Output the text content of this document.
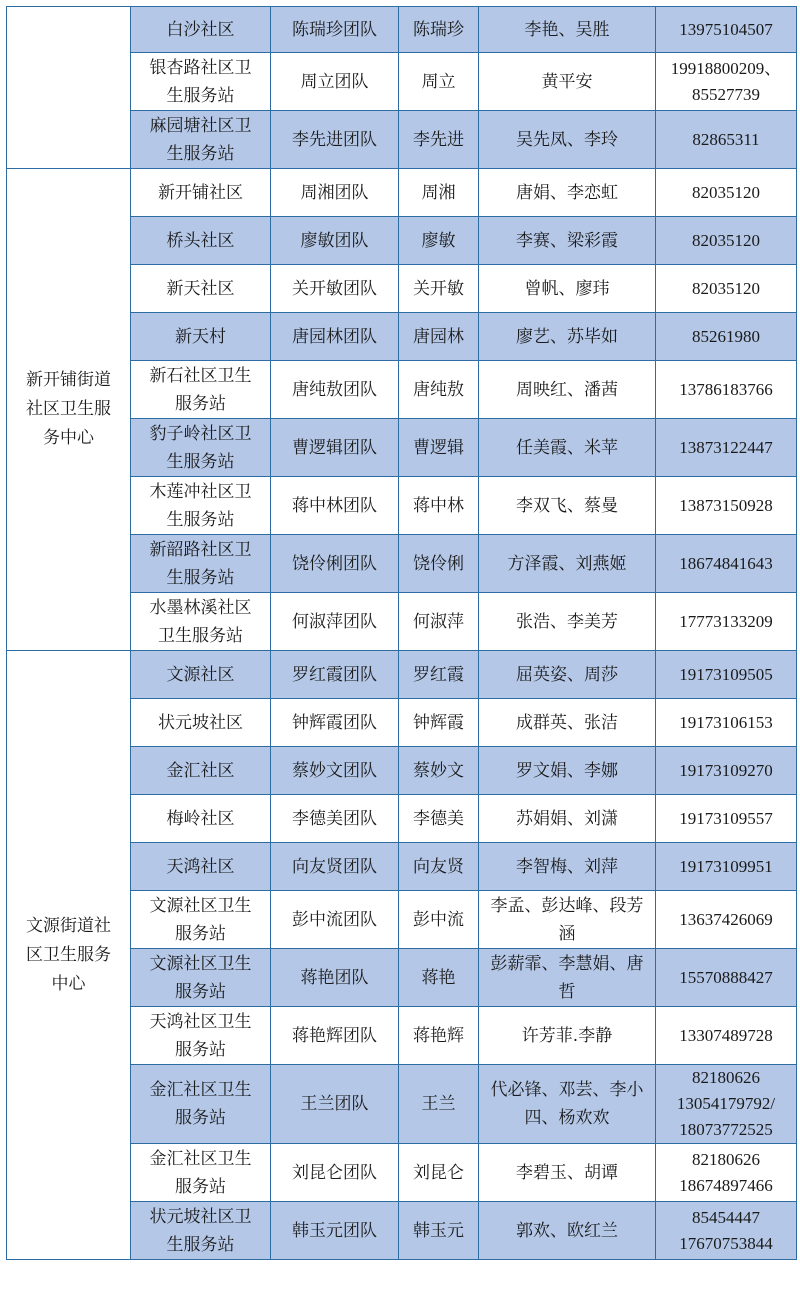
	白沙社区	陈瑞珍团队	陈瑞珍	李艳、吴胜	13975104507
	银杏路社区卫
生服务站	周立团队	周立	黄平安	19918800209、
85527739
	麻园塘社区卫
生服务站	李先进团队	李先进	吴先凤、李玲	82865311
新开铺街道
社区卫生服
务中心	新开铺社区	周湘团队	周湘	唐娟、李恋虹	82035120
	桥头社区	廖敏团队	廖敏	李赛、梁彩霞	82035120
	新天社区	关开敏团队	关开敏	曾帆、廖玮	82035120
	新天村	唐园林团队	唐园林	廖艺、苏毕如	85261980
	新石社区卫生
服务站	唐纯敖团队	唐纯敖	周映红、潘茜	13786183766
	豹子岭社区卫
生服务站	曹逻辑团队	曹逻辑	任美霞、米苹	13873122447
	木莲冲社区卫
生服务站	蒋中林团队	蒋中林	李双飞、蔡曼	13873150928
	新韶路社区卫
生服务站	饶伶俐团队	饶伶俐	方泽霞、刘燕姬	18674841643
	水墨林溪社区
卫生服务站	何淑萍团队	何淑萍	张浩、李美芳	17773133209
文源街道社
区卫生服务
中心	文源社区	罗红霞团队	罗红霞	屈英姿、周莎	19173109505
	状元坡社区	钟辉霞团队	钟辉霞	成群英、张洁	19173106153
	金汇社区	蔡妙文团队	蔡妙文	罗文娟、李娜	19173109270
	梅岭社区	李德美团队	李德美	苏娟娟、刘潇	19173109557
	天鸿社区	向友贤团队	向友贤	李智梅、刘萍	19173109951
	文源社区卫生
服务站	彭中流团队	彭中流	李孟、彭达峰、段芳
涵	13637426069
	文源社区卫生
服务站	蒋艳团队	蒋艳	彭薪霏、李慧娟、唐
哲	15570888427
	天鸿社区卫生
服务站	蒋艳辉团队	蒋艳辉	许芳菲.李静	13307489728
	金汇社区卫生
服务站	王兰团队	王兰	代必锋、邓芸、李小
四、杨欢欢	82180626
13054179792/
18073772525
	金汇社区卫生
服务站	刘昆仑团队	刘昆仑	李碧玉、胡谭	82180626
18674897466
	状元坡社区卫
生服务站	韩玉元团队	韩玉元	郭欢、欧红兰	85454447
17670753844
